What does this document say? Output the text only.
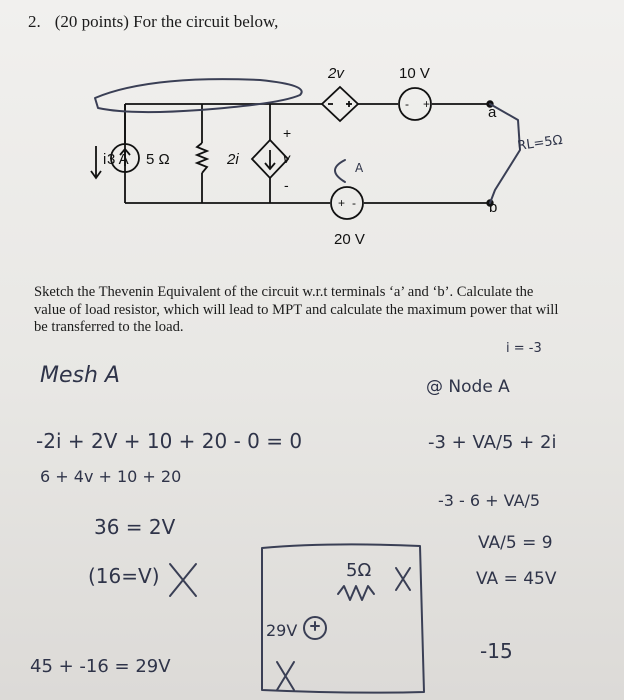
2. (20 points) For the circuit below,
i 3 A 5 Ω	2i
+
v
-
2v	10 V
20 V
a
b
+
-
+ -
RL=5Ω
A
Mesh A
-2i + 2V + 10 + 20 - 0 = 0
6 + 4v + 10 + 20
36 = 2V
(16=V)
45 + -16 = 29V
i = -3
@ Node A
-3 + VA/5 + 2i
-3 - 6 + VA/5
VA/5 = 9
VA = 45V
-15
5Ω
29V
Sketch the Thevenin Equivalent of the circuit w.r.t terminals ‘a’ and ‘b’. Calculate the
value of load resistor, which will lead to MPT and calculate the maximum power that will
be transferred to the load.
